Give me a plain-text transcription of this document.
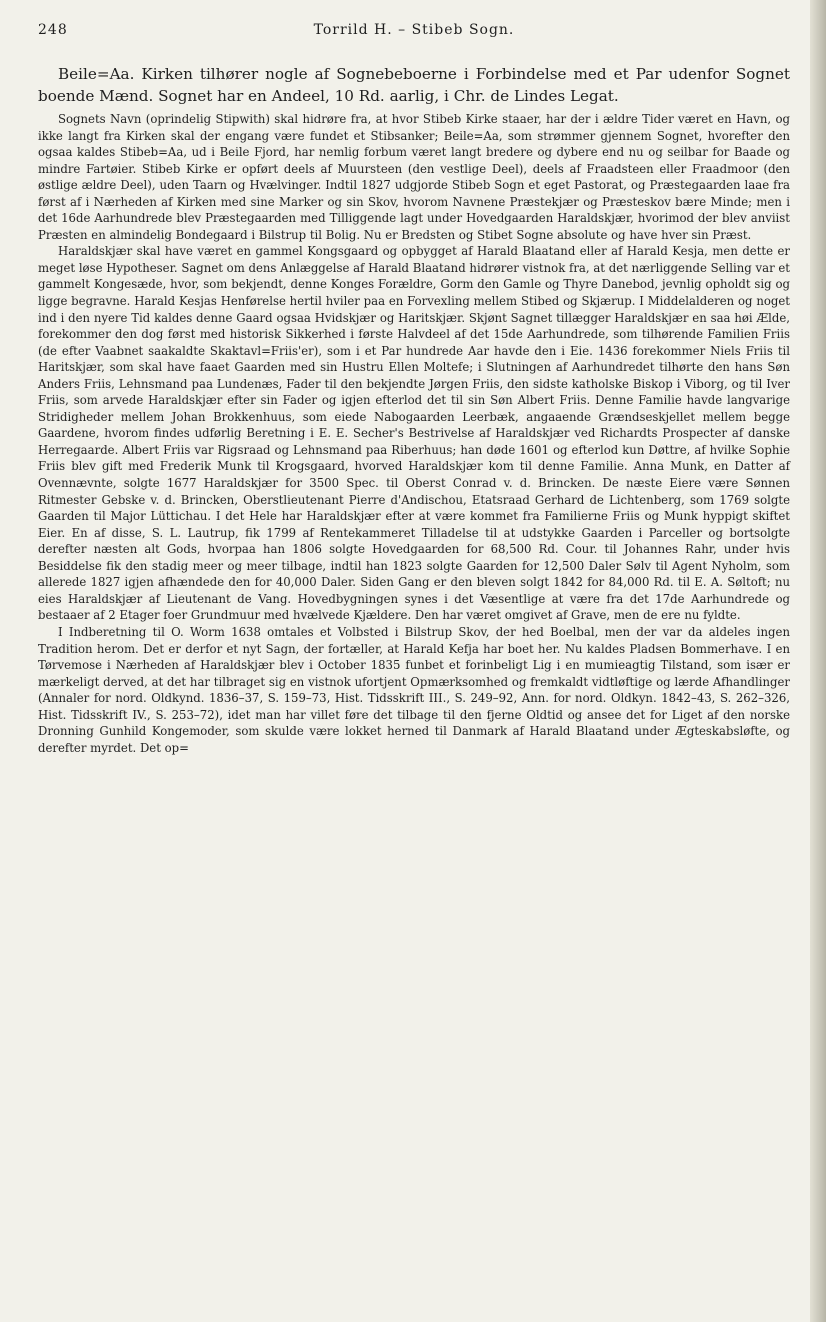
248	Torrild H. – Stibeb Sogn.

Beile=Aa. Kirken tilhører nogle af Sognebeboerne i Forbindelse med et Par udenfor Sognet boende Mænd. Sognet har en Andeel, 10 Rd. aarlig, i Chr. de Lindes Legat.

Sognets Navn (oprindelig Stipwith) skal hidrøre fra, at hvor Stibeb Kirke staaer, har der i ældre Tider været en Havn, og ikke langt fra Kirken skal der engang være fundet et Stibsanker; Beile=Aa, som strømmer gjennem Sognet, hvorefter den ogsaa kaldes Stibeb=Aa, ud i Beile Fjord, har nemlig forbum været langt bredere og dybere end nu og seilbar for Baade og mindre Fartøier. Stibeb Kirke er opført deels af Muursteen (den vestlige Deel), deels af Fraadsteen eller Fraadmoor (den østlige ældre Deel), uden Taarn og Hvælvinger. Indtil 1827 udgjorde Stibeb Sogn et eget Pastorat, og Præstegaarden laae fra først af i Nærheden af Kirken med sine Marker og sin Skov, hvorom Navnene Præstekjær og Præsteskov bære Minde; men i det 16de Aarhundrede blev Præstegaarden med Tilliggende lagt under Hovedgaarden Haraldskjær, hvorimod der blev anviist Præsten en almindelig Bondegaard i Bilstrup til Bolig. Nu er Bredsten og Stibet Sogne absolute og have hver sin Præst.

Haraldskjær skal have været en gammel Kongsgaard og opbygget af Harald Blaatand eller af Harald Kesja, men dette er meget løse Hypotheser. Sagnet om dens Anlæggelse af Harald Blaatand hidrører vistnok fra, at det nærliggende Selling var et gammelt Kongesæde, hvor, som bekjendt, denne Konges Forældre, Gorm den Gamle og Thyre Danebod, jevnlig opholdt sig og ligge begravne. Harald Kesjas Henførelse hertil hviler paa en Forvexling mellem Stibed og Skjærup. I Middelalderen og noget ind i den nyere Tid kaldes denne Gaard ogsaa Hvidskjær og Haritskjær. Skjønt Sagnet tillægger Haraldskjær en saa høi Ælde, forekommer den dog først med historisk Sikkerhed i første Halvdeel af det 15de Aarhundrede, som tilhørende Familien Friis (de efter Vaabnet saakaldte Skaktavl=Friis'er), som i et Par hundrede Aar havde den i Eie. 1436 forekommer Niels Friis til Haritskjær, som skal have faaet Gaarden med sin Hustru Ellen Moltefe; i Slutningen af Aarhundredet tilhørte den hans Søn Anders Friis, Lehnsmand paa Lundenæs, Fader til den bekjendte Jørgen Friis, den sidste katholske Biskop i Viborg, og til Iver Friis, som arvede Haraldskjær efter sin Fader og igjen efterlod det til sin Søn Albert Friis. Denne Familie havde langvarige Stridigheder mellem Johan Brokkenhuus, som eiede Nabogaarden Leerbæk, angaaende Grændseskjellet mellem begge Gaardene, hvorom findes udførlig Beretning i E. E. Secher's Bestrivelse af Haraldskjær ved Richardts Prospecter af danske Herregaarde. Albert Friis var Rigsraad og Lehnsmand paa Riberhuus; han døde 1601 og efterlod kun Døttre, af hvilke Sophie Friis blev gift med Frederik Munk til Krogsgaard, hvorved Haraldskjær kom til denne Familie. Anna Munk, en Datter af Ovennævnte, solgte 1677 Haraldskjær for 3500 Spec. til Oberst Conrad v. d. Brincken. De næste Eiere være Sønnen Ritmester Gebske v. d. Brincken, Oberstlieutenant Pierre d'Andischou, Etatsraad Gerhard de Lichtenberg, som 1769 solgte Gaarden til Major Lüttichau. I det Hele har Haraldskjær efter at være kommet fra Familierne Friis og Munk hyppigt skiftet Eier. En af disse, S. L. Lautrup, fik 1799 af Rentekammeret Tilladelse til at udstykke Gaarden i Parceller og bortsolgte derefter næsten alt Gods, hvorpaa han 1806 solgte Hovedgaarden for 68,500 Rd. Cour. til Johannes Rahr, under hvis Besiddelse fik den stadig meer og meer tilbage, indtil han 1823 solgte Gaarden for 12,500 Daler Sølv til Agent Nyholm, som allerede 1827 igjen afhændede den for 40,000 Daler. Siden Gang er den bleven solgt 1842 for 84,000 Rd. til E. A. Søltoft; nu eies Haraldskjær af Lieutenant de Vang. Hovedbygningen synes i det Væsentlige at være fra det 17de Aarhundrede og bestaaer af 2 Etager foer Grundmuur med hvælvede Kjældere. Den har været omgivet af Grave, men de ere nu fyldte.

I Indberetning til O. Worm 1638 omtales et Volbsted i Bilstrup Skov, der hed Boelbal, men der var da aldeles ingen Tradition herom. Det er derfor et nyt Sagn, der fortæller, at Harald Kefja har boet her. Nu kaldes Pladsen Bommerhave. I en Tørvemose i Nærheden af Haraldskjær blev i October 1835 funbet et forinbeligt Lig i en mumieagtig Tilstand, som især er mærkeligt derved, at det har tilbraget sig en vistnok ufortjent Opmærksomhed og fremkaldt vidtløftige og lærde Afhandlinger (Annaler for nord. Oldkynd. 1836–37, S. 159–73, Hist. Tidsskrift III., S. 249–92, Ann. for nord. Oldkyn. 1842–43, S. 262–326, Hist. Tidsskrift IV., S. 253–72), idet man har villet føre det tilbage til den fjerne Oldtid og ansee det for Liget af den norske Dronning Gunhild Kongemoder, som skulde være lokket herned til Danmark af Harald Blaatand under Ægteskabsløfte, og derefter myrdet. Det op=
